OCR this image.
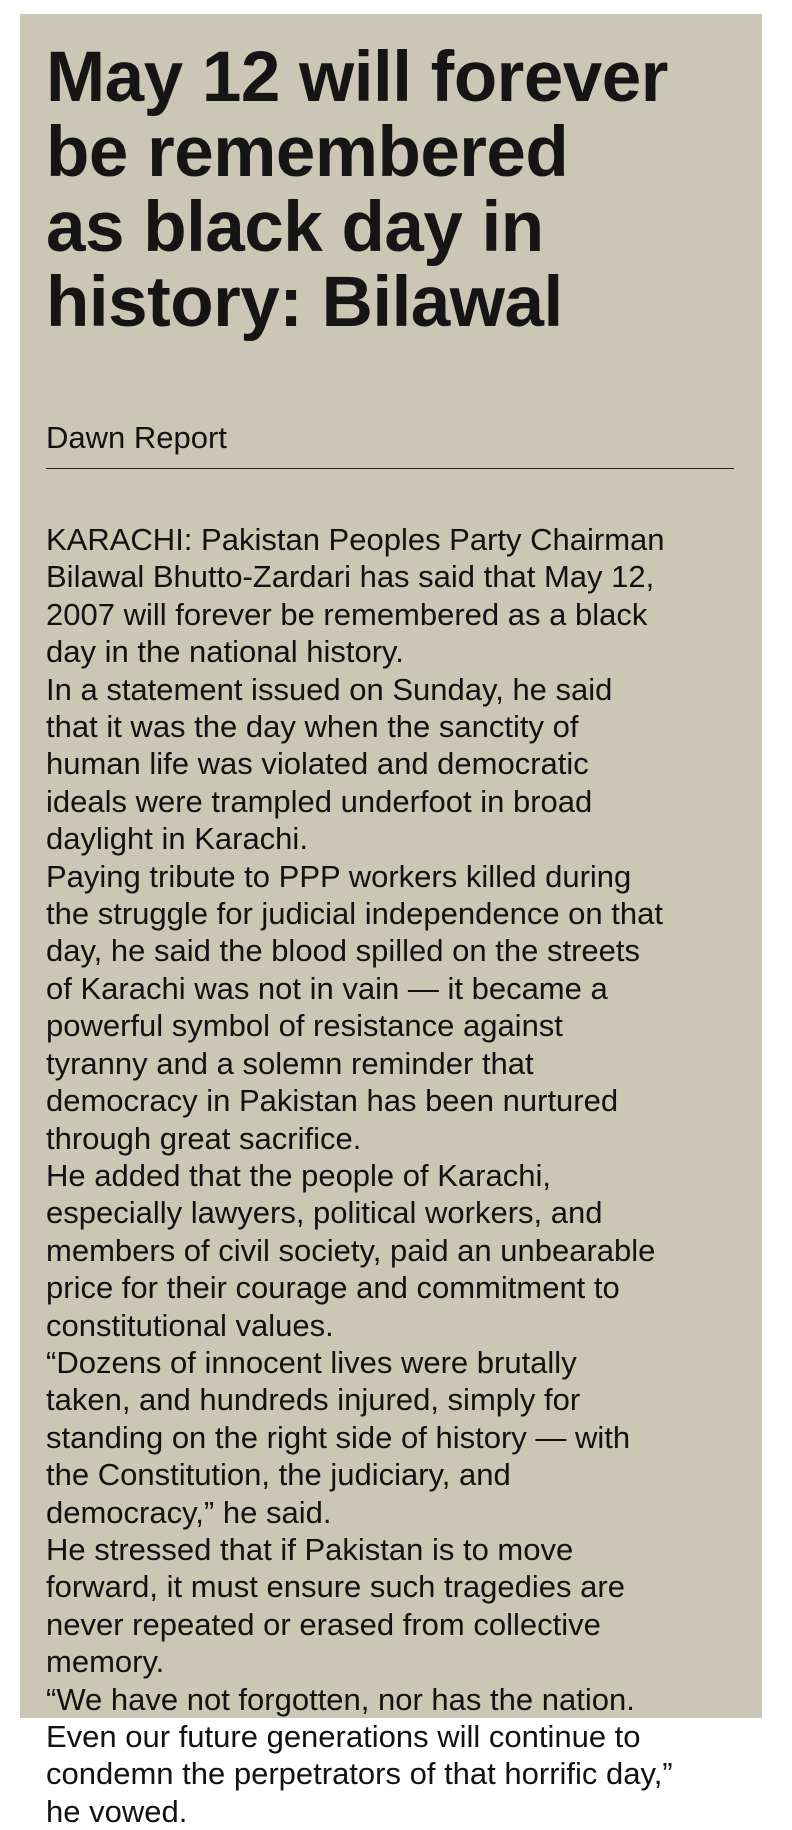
May 12 will forever
be remembered
as black day in
history: Bilawal
Dawn Report

KARACHI: Pakistan Peoples Party Chairman
Bilawal Bhutto-Zardari has said that May 12,
2007 will forever be remembered as a black
day in the national history.

In a statement issued on Sunday, he said
that it was the day when the sanctity of
human life was violated and democratic
ideals were trampled underfoot in broad
daylight in Karachi.

Paying tribute to PPP workers killed during
the struggle for judicial independence on that
day, he said the blood spilled on the streets
of Karachi was not in vain — it became a
powerful symbol of resistance against
tyranny and a solemn reminder that
democracy in Pakistan has been nurtured
through great sacrifice.

He added that the people of Karachi,
especially lawyers, political workers, and
members of civil society, paid an unbearable
price for their courage and commitment to
constitutional values.

“Dozens of innocent lives were brutally
taken, and hundreds injured, simply for
standing on the right side of history — with
the Constitution, the judiciary, and
democracy,” he said.

He stressed that if Pakistan is to move
forward, it must ensure such tragedies are
never repeated or erased from collective
memory.

“We have not forgotten, nor has the nation.
Even our future generations will continue to
condemn the perpetrators of that horrific day,”
he vowed.
